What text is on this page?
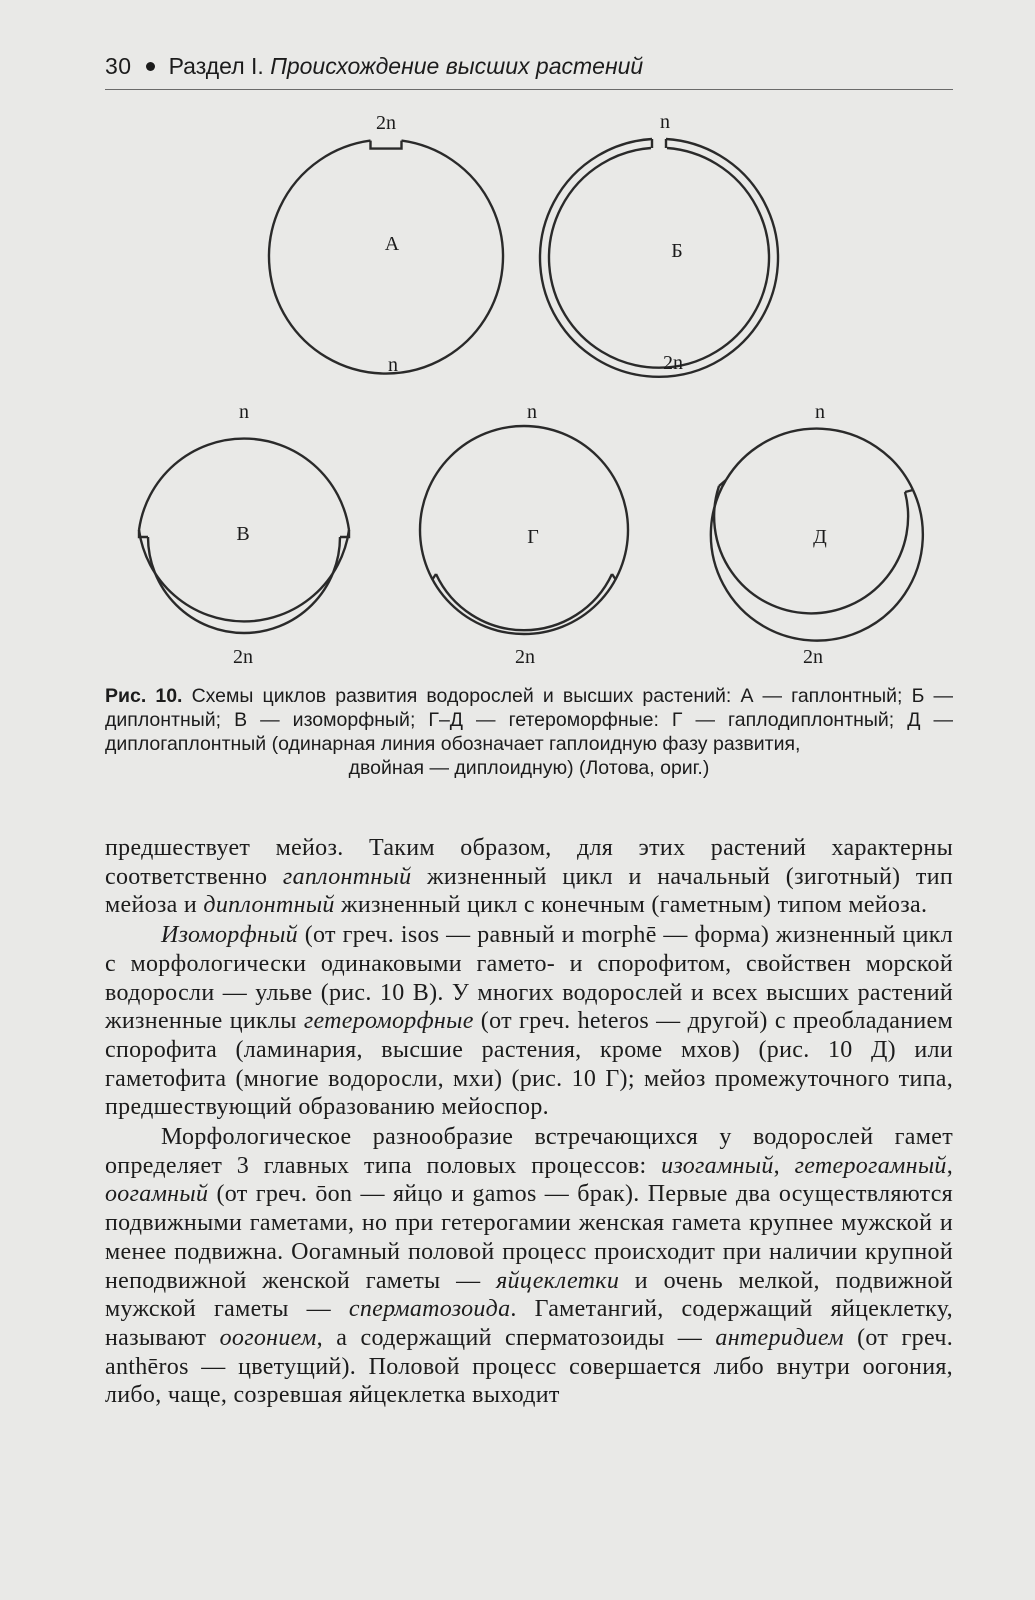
30 Раздел I. Происхождение высших растений
2n
А
n
n
Б
2n
n
В
2n
n
Г
2n
n
Д
2n
Рис. 10. Схемы циклов развития водорослей и высших растений: А — гаплонтный; Б — диплонтный; В — изоморфный; Г–Д — гетероморфные: Г — гаплодиплонтный; Д — диплогаплонтный (одинарная линия обозначает гаплоидную фазу развития,
двойная — диплоидную) (Лотова, ориг.)

предшествует мейоз. Таким образом, для этих растений характерны соответственно гаплонтный жизненный цикл и начальный (зиготный) тип мейоза и диплонтный жизненный цикл с конечным (гаметным) типом мейоза.

Изоморфный (от греч. isos — равный и morphē — форма) жизненный цикл с морфологически одинаковыми гамето- и спорофитом, свойствен морской водоросли — ульве (рис. 10 В). У многих водорослей и всех высших растений жизненные циклы гетероморфные (от греч. heteros — другой) с преобладанием спорофита (ламинария, высшие растения, кроме мхов) (рис. 10 Д) или гаметофита (многие водоросли, мхи) (рис. 10 Г); мейоз промежуточного типа, предшествующий образованию мейоспор.

Морфологическое разнообразие встречающихся у водорослей гамет определяет 3 главных типа половых процессов: изогамный, гетерогамный, оогамный (от греч. ōon — яйцо и gamos — брак). Первые два осуществляются подвижными гаметами, но при гетерогамии женская гамета крупнее мужской и менее подвижна. Оогамный половой процесс происходит при наличии крупной неподвижной женской гаметы — яйцеклетки и очень мелкой, подвижной мужской гаметы — сперматозоида. Гаметангий, содержащий яйцеклетку, называют оогонием, а содержащий сперматозоиды — антеридием (от греч. anthēros — цветущий). Половой процесс совершается либо внутри оогония, либо, чаще, созревшая яйцеклетка выходит
